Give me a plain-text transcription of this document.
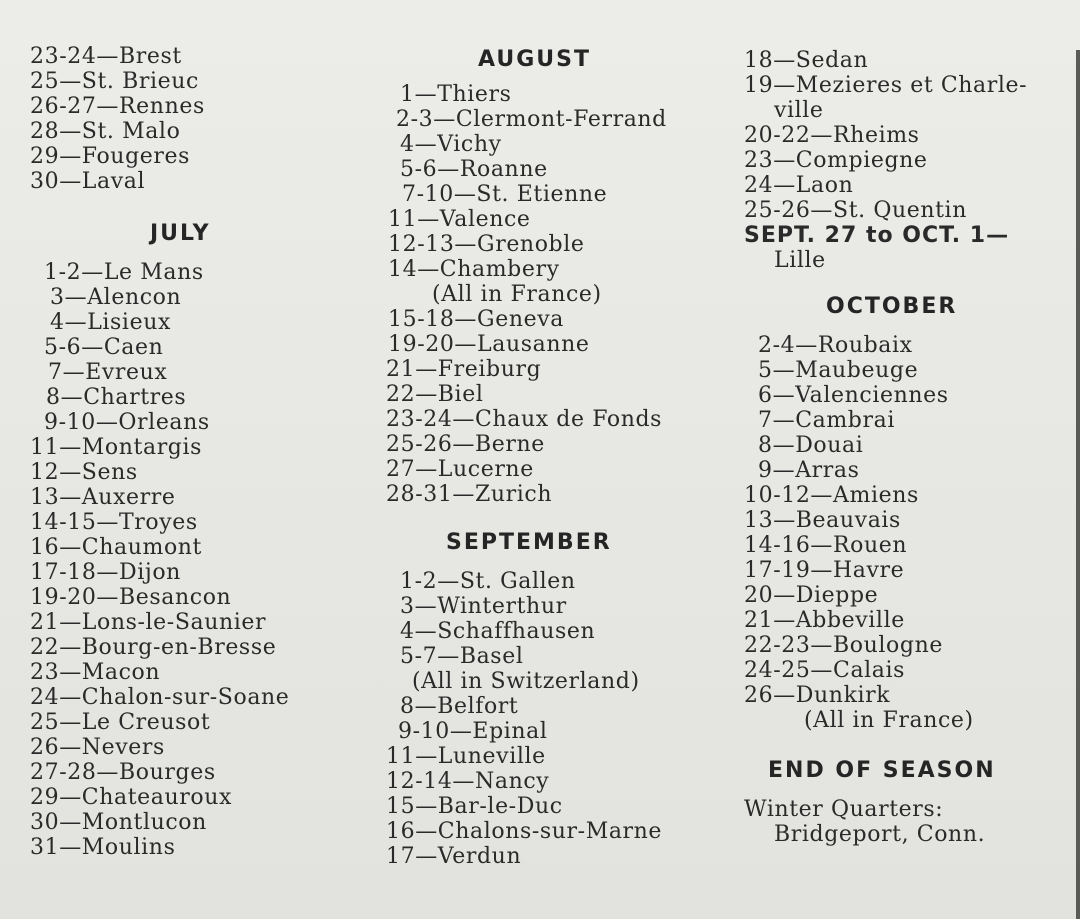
23-24—Brest
25—St. Brieuc
26-27—Rennes
28—St. Malo
29—Fougeres
30—Laval
JULY
1-2—Le Mans
3—Alencon
4—Lisieux
5-6—Caen
7—Evreux
8—Chartres
9-10—Orleans
11—Montargis
12—Sens
13—Auxerre
14-15—Troyes
16—Chaumont
17-18—Dijon
19-20—Besancon
21—Lons-le-Saunier
22—Bourg-en-Bresse
23—Macon
24—Chalon-sur-Soane
25—Le Creusot
26—Nevers
27-28—Bourges
29—Chateauroux
30—Montlucon
31—Moulins
AUGUST
1—Thiers
2-3—Clermont-Ferrand
4—Vichy
5-6—Roanne
7-10—St. Etienne
11—Valence
12-13—Grenoble
14—Chambery
(All in France)
15-18—Geneva
19-20—Lausanne
21—Freiburg
22—Biel
23-24—Chaux de Fonds
25-26—Berne
27—Lucerne
28-31—Zurich
SEPTEMBER
1-2—St. Gallen
3—Winterthur
4—Schaffhausen
5-7—Basel
(All in Switzerland)
8—Belfort
9-10—Epinal
11—Luneville
12-14—Nancy
15—Bar-le-Duc
16—Chalons-sur-Marne
17—Verdun
18—Sedan
19—Mezieres et Charle-
ville
20-22—Rheims
23—Compiegne
24—Laon
25-26—St. Quentin
SEPT. 27 to OCT. 1—
Lille
OCTOBER
2-4—Roubaix
5—Maubeuge
6—Valenciennes
7—Cambrai
8—Douai
9—Arras
10-12—Amiens
13—Beauvais
14-16—Rouen
17-19—Havre
20—Dieppe
21—Abbeville
22-23—Boulogne
24-25—Calais
26—Dunkirk
(All in France)
END OF SEASON
Winter Quarters:
Bridgeport, Conn.
